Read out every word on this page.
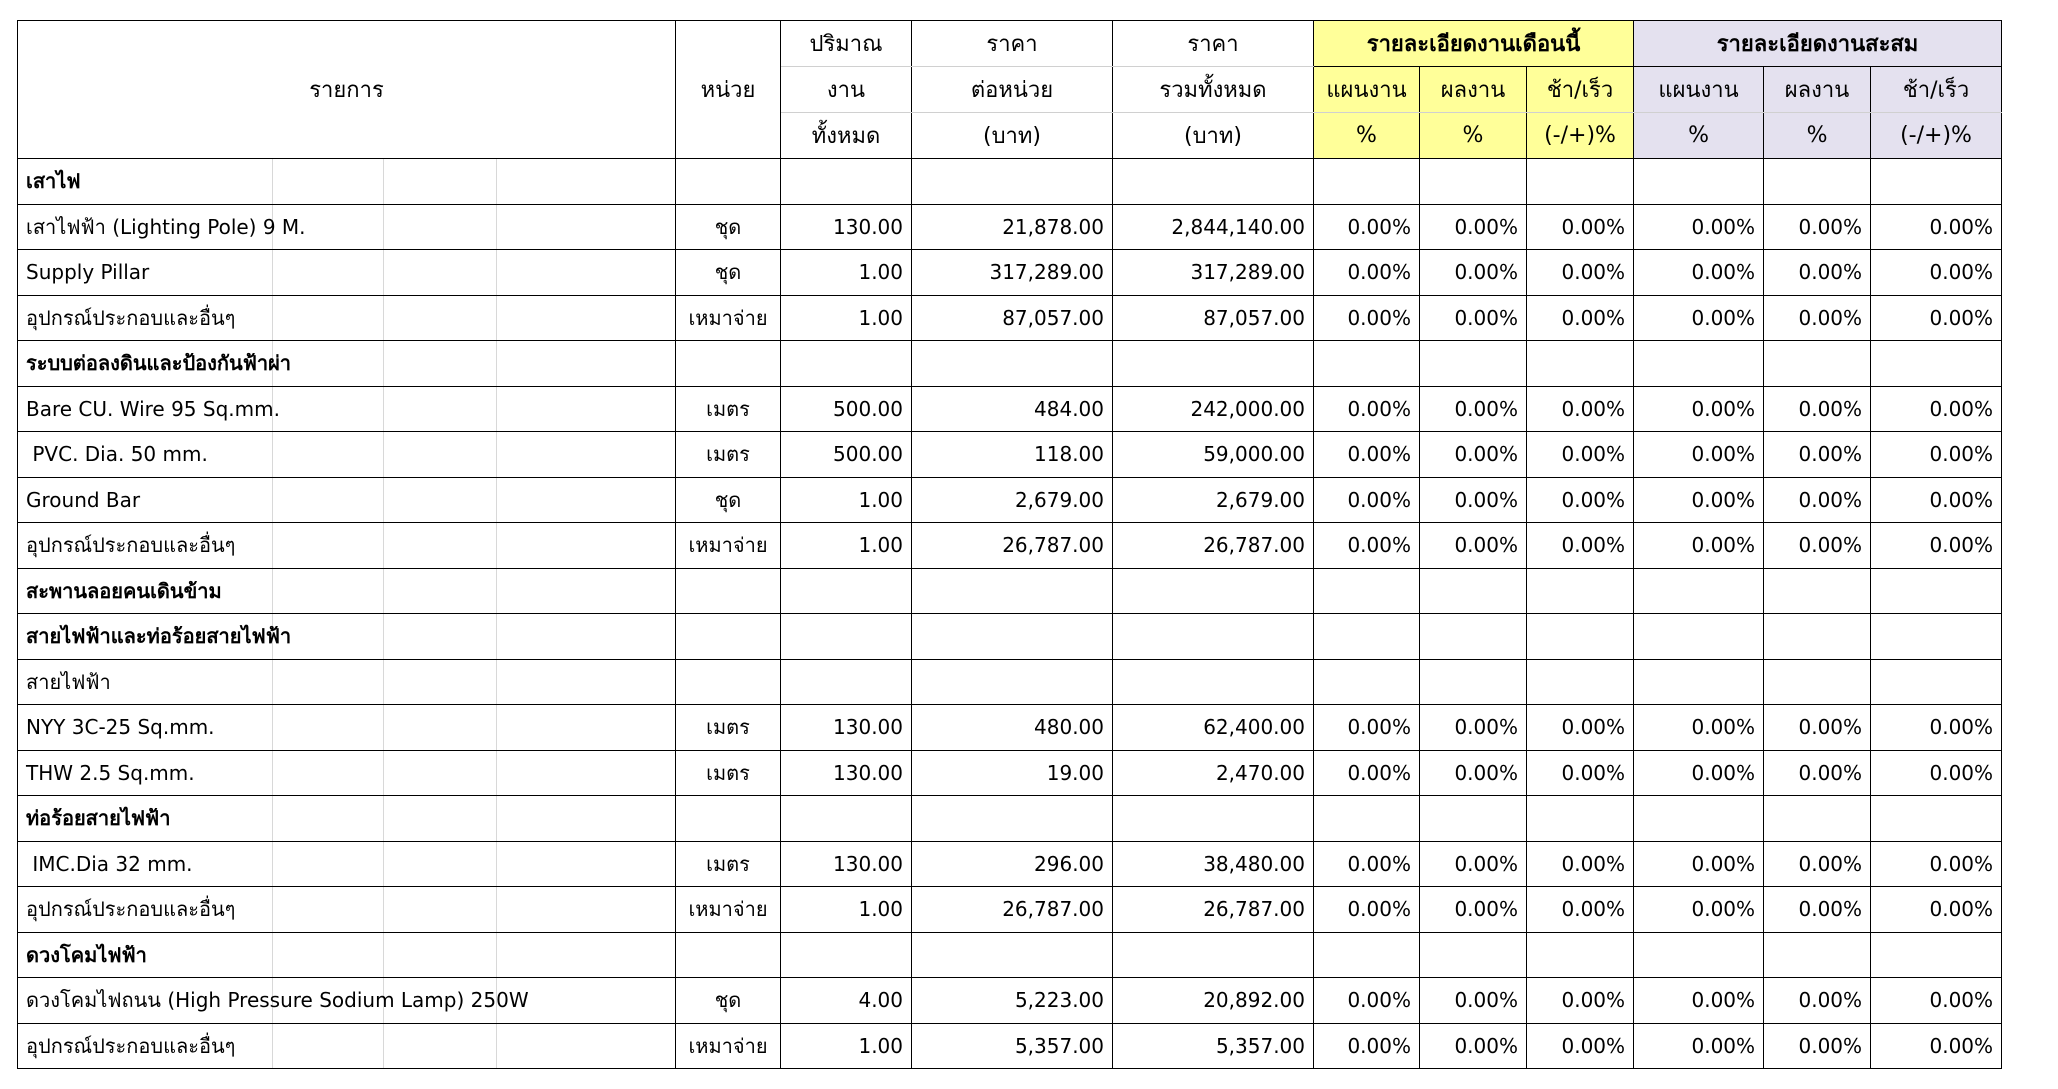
รายการ	หน่วย	ปริมาณ	ราคา	ราคา	รายละเอียดงานเดือนนี้			รายละเอียดงานสะสม		
		งาน	ต่อหน่วย	รวมทั้งหมด	แผนงาน	ผลงาน	ช้า/เร็ว	แผนงาน	ผลงาน	ช้า/เร็ว
		ทั้งหมด	(บาท)	(บาท)	%	%	(-/+)%	%	%	(-/+)%

เสาไฟ										

เสาไฟฟ้า (Lighting Pole) 9 M.	ชุด	130.00	21,878.00	2,844,140.00	0.00%	0.00%	0.00%	0.00%	0.00%	0.00%

Supply Pillar	ชุด	1.00	317,289.00	317,289.00	0.00%	0.00%	0.00%	0.00%	0.00%	0.00%

อุปกรณ์ประกอบและอื่นๆ	เหมาจ่าย	1.00	87,057.00	87,057.00	0.00%	0.00%	0.00%	0.00%	0.00%	0.00%

ระบบต่อลงดินและป้องกันฟ้าผ่า										

Bare CU. Wire 95 Sq.mm.	เมตร	500.00	484.00	242,000.00	0.00%	0.00%	0.00%	0.00%	0.00%	0.00%

PVC. Dia. 50 mm.	เมตร	500.00	118.00	59,000.00	0.00%	0.00%	0.00%	0.00%	0.00%	0.00%

Ground Bar	ชุด	1.00	2,679.00	2,679.00	0.00%	0.00%	0.00%	0.00%	0.00%	0.00%

อุปกรณ์ประกอบและอื่นๆ	เหมาจ่าย	1.00	26,787.00	26,787.00	0.00%	0.00%	0.00%	0.00%	0.00%	0.00%

สะพานลอยคนเดินข้าม										

สายไฟฟ้าและท่อร้อยสายไฟฟ้า										

สายไฟฟ้า										

NYY 3C-25 Sq.mm.	เมตร	130.00	480.00	62,400.00	0.00%	0.00%	0.00%	0.00%	0.00%	0.00%

THW 2.5 Sq.mm.	เมตร	130.00	19.00	2,470.00	0.00%	0.00%	0.00%	0.00%	0.00%	0.00%

ท่อร้อยสายไฟฟ้า										

IMC.Dia 32 mm.	เมตร	130.00	296.00	38,480.00	0.00%	0.00%	0.00%	0.00%	0.00%	0.00%

อุปกรณ์ประกอบและอื่นๆ	เหมาจ่าย	1.00	26,787.00	26,787.00	0.00%	0.00%	0.00%	0.00%	0.00%	0.00%

ดวงโคมไฟฟ้า										

ดวงโคมไฟถนน (High Pressure Sodium Lamp) 250W	ชุด	4.00	5,223.00	20,892.00	0.00%	0.00%	0.00%	0.00%	0.00%	0.00%

อุปกรณ์ประกอบและอื่นๆ	เหมาจ่าย	1.00	5,357.00	5,357.00	0.00%	0.00%	0.00%	0.00%	0.00%	0.00%
